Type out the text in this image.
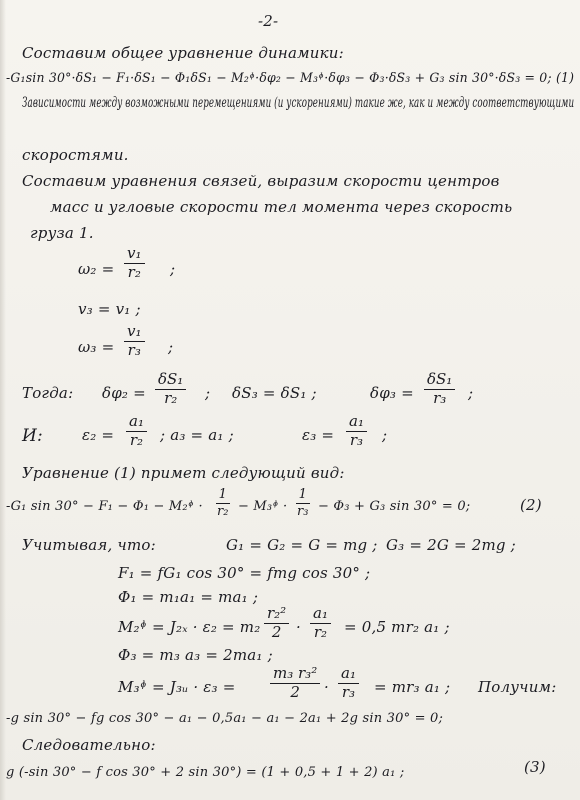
-2-
Составим общее уравнение динамики:
-G₁sin 30°·δS₁ − F₁·δS₁ − Φ₁δS₁ − M₂ᶲ·δφ₂ − M₃ᶲ·δφ₃ − Φ₃·δS₃ + G₃ sin 30°·δS₃ = 0; (1)
Зависимости между возможными перемещениями (и ускорениями) такие же, как и между соответствующими
скоростями.
Составим уравнения связей, выразим скорости центров
масс и угловые скорости тел момента через скорость
груза 1.
$\omega_2 = \frac{\text{v₁}}{\text{r₂}}$ ;
v₃ = v₁ ;
$\omega_3 = \frac{\text{v₁}}{\text{r₃}}$ ;
Тогда: $\delta\varphi_2 = \frac{\text{δS₁}}{\text{r₂}}$ ; δS₃ = δS₁ ;	$\delta\varphi_3 = \frac{\text{δS₁}}{\text{r₃}}$ ;
И:	$\varepsilon_2 = \frac{\text{a₁}}{\text{r₂}}$ ; a₃ = a₁ ;	$\varepsilon_3 = \frac{\text{a₁}}{\text{r₃}}$ ;
Уравнение (1) примет следующий вид:
-G₁ sin 30° − F₁ − Φ₁ − M₂ᶲ · $\frac{1}{\text{r₂}}$ − M₃ᶲ · $\frac{1}{\text{r₃}} - \Phi_3 + G_3$ sin 30° = 0;	(2)
Учитывая, что:	G₁ = G₂ = G = mg ; G₃ = 2G = 2mg ;
F₁ = fG₁ cos 30° = fmg cos 30° ;
Φ₁ = m₁a₁ = ma₁ ;
M₂ᶲ = $J_{2x} \cdot \varepsilon_2 = m_2 \frac{\text{r₂²}}{2} \cdot \frac{\text{a₁}}{\text{r₂}} = 0,5$ mr₂ a₁ ;
Φ₃ = m₃ a₃ = 2ma₁ ;
M₃ᶲ = J₃ᵤ · $\varepsilon_3 = \frac{\text{m₃ r₃²}}{2} \cdot \frac{\text{a₁}}{\text{r₃}} = mr_3$ a₁ ; Получим:
-g sin 30° − fg cos 30° − a₁ − 0,5a₁ − a₁ − 2a₁ + 2g sin 30° = 0;
Следовательно:
g (-sin 30° − f cos 30° + 2 sin 30°) = (1 + 0,5 + 1 + 2) a₁ ;	(3)
